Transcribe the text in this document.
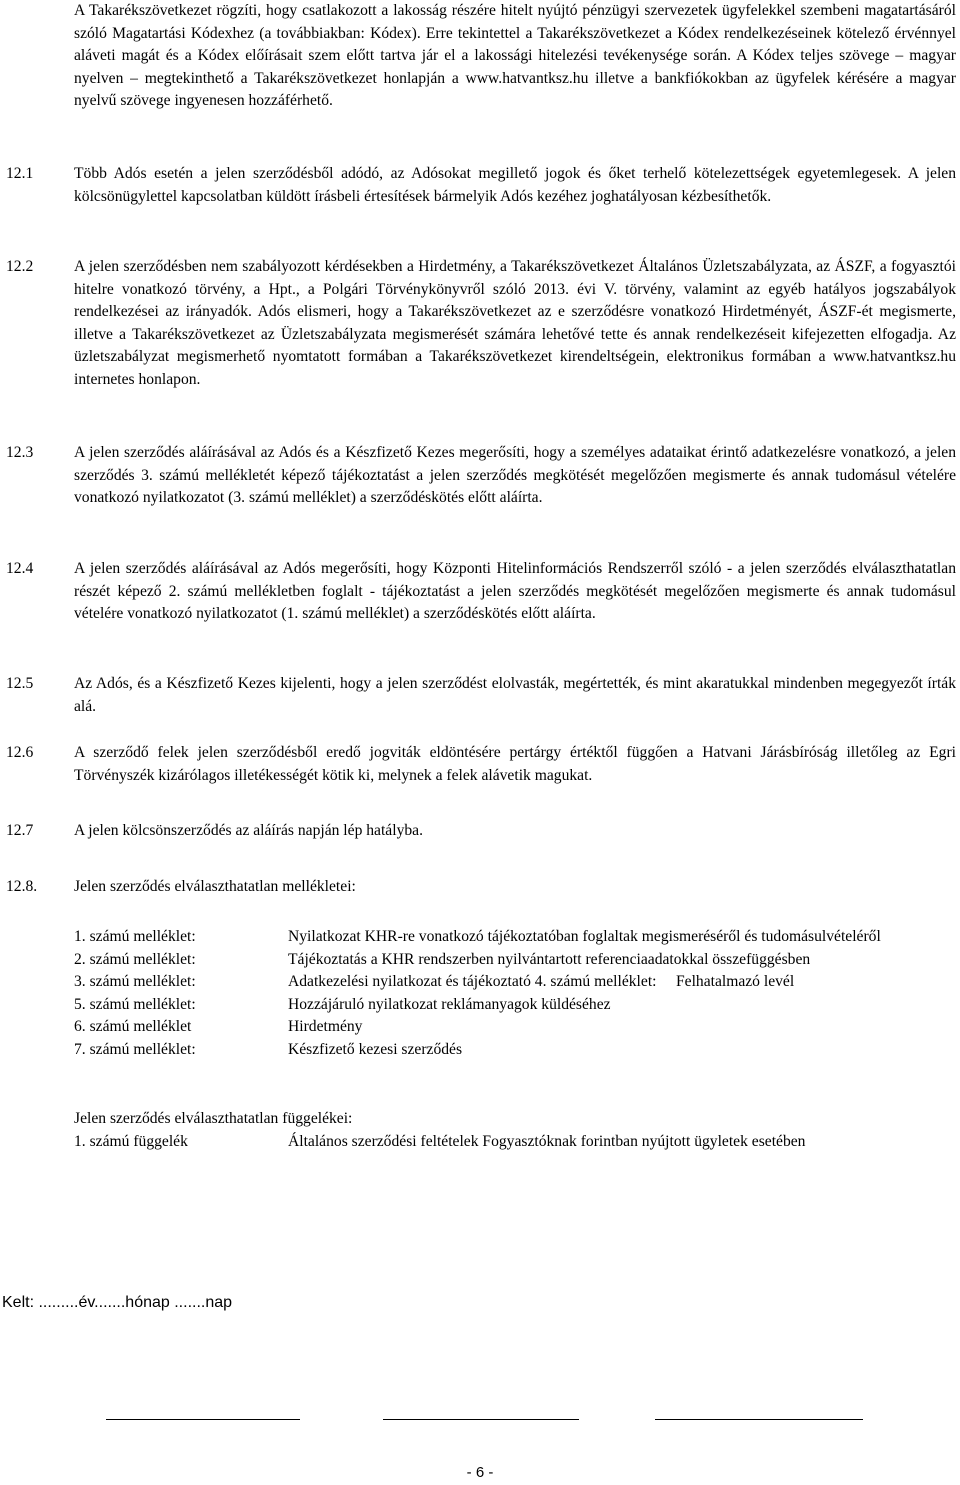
A Takarékszövetkezet rögzíti, hogy csatlakozott a lakosság részére hitelt nyújtó pénzügyi szervezetek ügyfelekkel szembeni magatartásáról szóló Magatartási Kódexhez (a továbbiakban: Kódex). Erre tekintettel a Takarékszövetkezet a Kódex rendelkezéseinek kötelező érvénnyel aláveti magát és a Kódex előírásait szem előtt tartva jár el a lakossági hitelezési tevékenysége során. A Kódex teljes szövege – magyar nyelven – megtekinthető a Takarékszövetkezet honlapján a www.hatvantksz.hu illetve a bankfiókokban az ügyfelek kérésére a magyar nyelvű szövege ingyenesen hozzáférhető.
12.1	Több Adós esetén a jelen szerződésből adódó, az Adósokat megillető jogok és őket terhelő kötelezettségek egyetemlegesek. A jelen kölcsönügylettel kapcsolatban küldött írásbeli értesítések bármelyik Adós kezéhez joghatályosan kézbesíthetők.

12.2	A jelen szerződésben nem szabályozott kérdésekben a Hirdetmény, a Takarékszövetkezet Általános Üzletszabályzata, az ÁSZF, a fogyasztói hitelre vonatkozó törvény, a Hpt., a Polgári Törvénykönyvről szóló 2013. évi V. törvény, valamint az egyéb hatályos jogszabályok rendelkezései az irányadók. Adós elismeri, hogy a Takarékszövetkezet az e szerződésre vonatkozó Hirdetményét, ÁSZF-ét megismerte, illetve a Takarékszövetkezet az Üzletszabályzata megismerését számára lehetővé tette és annak rendelkezéseit kifejezetten elfogadja. Az üzletszabályzat megismerhető nyomtatott formában a Takarékszövetkezet kirendeltségein, elektronikus formában a www.hatvantksz.hu internetes honlapon.

12.3	A jelen szerződés aláírásával az Adós és a Készfizető Kezes megerősíti, hogy a személyes adataikat érintő adatkezelésre vonatkozó, a jelen szerződés 3. számú mellékletét képező tájékoztatást a jelen szerződés megkötését megelőzően megismerte és annak tudomásul vételére vonatkozó nyilatkozatot (3. számú melléklet) a szerződéskötés előtt aláírta.

12.4	A jelen szerződés aláírásával az Adós megerősíti, hogy Központi Hitelinformációs Rendszerről szóló - a jelen szerződés elválaszthatatlan részét képező 2. számú mellékletben foglalt - tájékoztatást a jelen szerződés megkötését megelőzően megismerte és annak tudomásul vételére vonatkozó nyilatkozatot (1. számú melléklet) a szerződéskötés előtt aláírta.

12.5	Az Adós, és a Készfizető Kezes kijelenti, hogy a jelen szerződést elolvasták, megértették, és mint akaratukkal mindenben megegyezőt írták alá.

12.6	A szerződő felek jelen szerződésből eredő jogviták eldöntésére pertárgy értéktől függően a Hatvani Járásbíróság illetőleg az Egri Törvényszék kizárólagos illetékességét kötik ki, melynek a felek alávetik magukat.

12.7	A jelen kölcsönszerződés az aláírás napján lép hatályba.

12.8.	Jelen szerződés elválaszthatatlan mellékletei:

1. számú melléklet:	Nyilatkozat KHR-re vonatkozó tájékoztatóban foglaltak megismeréséről és tudomásulvételéről
2. számú melléklet:	Tájékoztatás a KHR rendszerben nyilvántartott referenciaadatokkal összefüggésben
3. számú melléklet:	Adatkezelési nyilatkozat és tájékoztató 4. számú melléklet:     Felhatalmazó levél
5. számú melléklet:	Hozzájáruló nyilatkozat reklámanyagok küldéséhez
6. számú melléklet	Hirdetmény
7. számú melléklet:	Készfizető kezesi szerződés
Jelen szerződés elválaszthatatlan függelékei:
1. számú függelék	Általános szerződési feltételek Fogyasztóknak forintban nyújtott ügyletek esetében
Kelt: .........év.......hónap .......nap
- 6 -
